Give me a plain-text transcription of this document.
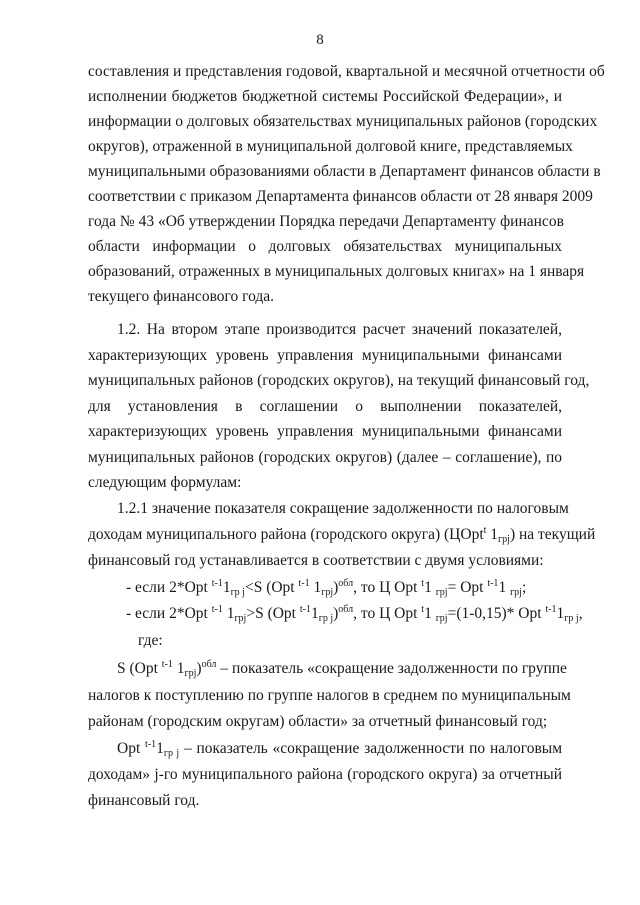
8
составления и представления годовой, квартальной и месячной отчетности об
исполнении бюджетов бюджетной системы Российской Федерации», и
информации о долговых обязательствах муниципальных районов (городских
округов), отраженной в муниципальной долговой книге, представляемых
муниципальными образованиями области в Департамент финансов области в
соответствии с приказом Департамента финансов области от 28 января 2009
года № 43 «Об утверждении Порядка передачи Департаменту финансов
области информации о долговых обязательствах муниципальных
образований, отраженных в муниципальных долговых книгах» на 1 января
текущего финансового года.
1.2. На втором этапе производится расчет значений показателей,
характеризующих уровень управления муниципальными финансами
муниципальных районов (городских округов), на текущий финансовый год,
для установления в соглашении о выполнении показателей,
характеризующих уровень управления муниципальными финансами
муниципальных районов (городских округов) (далее – соглашение), по
следующим формулам:
1.2.1 значение показателя сокращение задолженности по налоговым
доходам муниципального района (городского округа) (ЦOpt$^t$ $1_{грj}$) на текущий
финансовый год устанавливается в соответствии с двумя условиями:
- если 2*Opt $^{t-1}1_{гр j}<S$ (Opt $^{t-1}$ $1_{грj})^{обл}$, то Ц Opt $^t$1 $_{грj}$= Opt $^{t-1}$1 $_{грj}$;
- если 2*Opt $^{t-1}$ $1_{грj}>S$ (Opt $^{t-1}1_{гр j})^{обл}$, то Ц Opt $^t$1 $_{грj}$=(1-0,15)* Opt $^{t-1}1_{гр j}$,
где:
S (Opt $^{t-1}$ $1_{грj})^{обл}$ – показатель «сокращение задолженности по группе
налогов к поступлению по группе налогов в среднем по муниципальным
районам (городским округам) области» за отчетный финансовый год;
Opt $^{t-1}1_{гр j}$ – показатель «сокращение задолженности по налоговым
доходам» j-го муниципального района (городского округа) за отчетный
финансовый год.
